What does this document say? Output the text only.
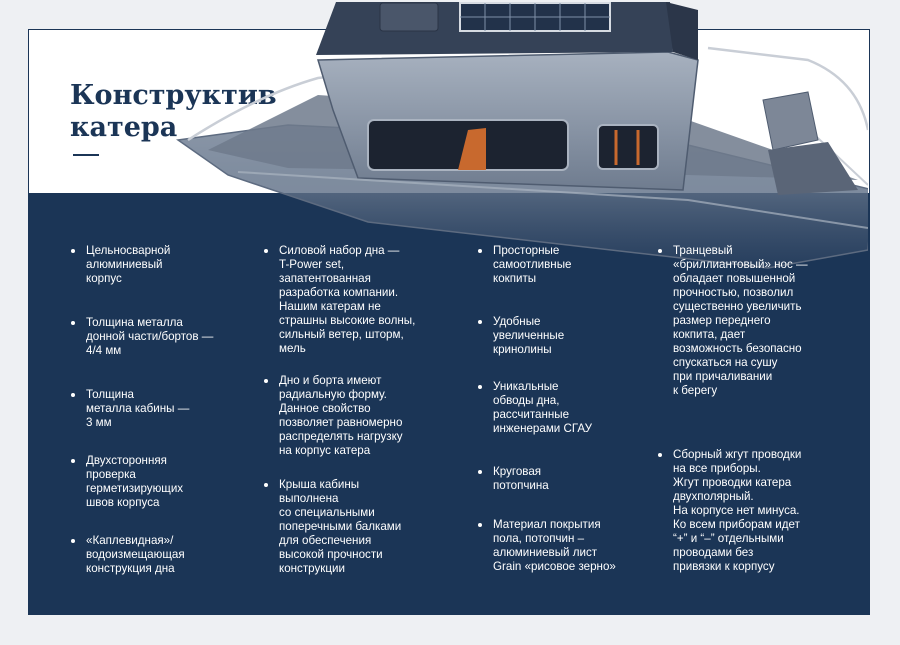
Конструктив
катера
Цельносварной
алюминиевый
корпус
Толщина металла
донной части/бортов —
4/4 мм
Толщина
металла кабины —
3 мм
Двухсторонняя
проверка
герметизирующих
швов корпуса
«Каплевидная»/
водоизмещающая
конструкция дна
Силовой набор дна —
T-Power set,
запатентованная
разработка компании.
Нашим катерам не
страшны высокие волны,
сильный ветер, шторм,
мель
Дно и борта имеют
радиальную форму.
Данное свойство
позволяет равномерно
распределять нагрузку
на корпус катера
Крыша кабины
выполнена
со специальными
поперечными балками
для обеспечения
высокой прочности
конструкции
Просторные
самоотливные
кокпиты
Удобные
увеличенные
кринолины
Уникальные
обводы дна,
рассчитанные
инженерами СГАУ
Круговая
потопчина
Материал покрытия
пола, потопчин –
алюминиевый лист
Grain «рисовое зерно»
Транцевый
«бриллиантовый» нос —
обладает повышенной
прочностью, позволил
существенно увеличить
размер переднего
кокпита, дает
возможность безопасно
спускаться на сушу
при причаливании
к берегу
Сборный жгут проводки
на все приборы.
Жгут проводки катера
двухполярный.
На корпусе нет минуса.
Ко всем приборам идет
“+” и “–” отдельными
проводами без
привязки к корпусу
